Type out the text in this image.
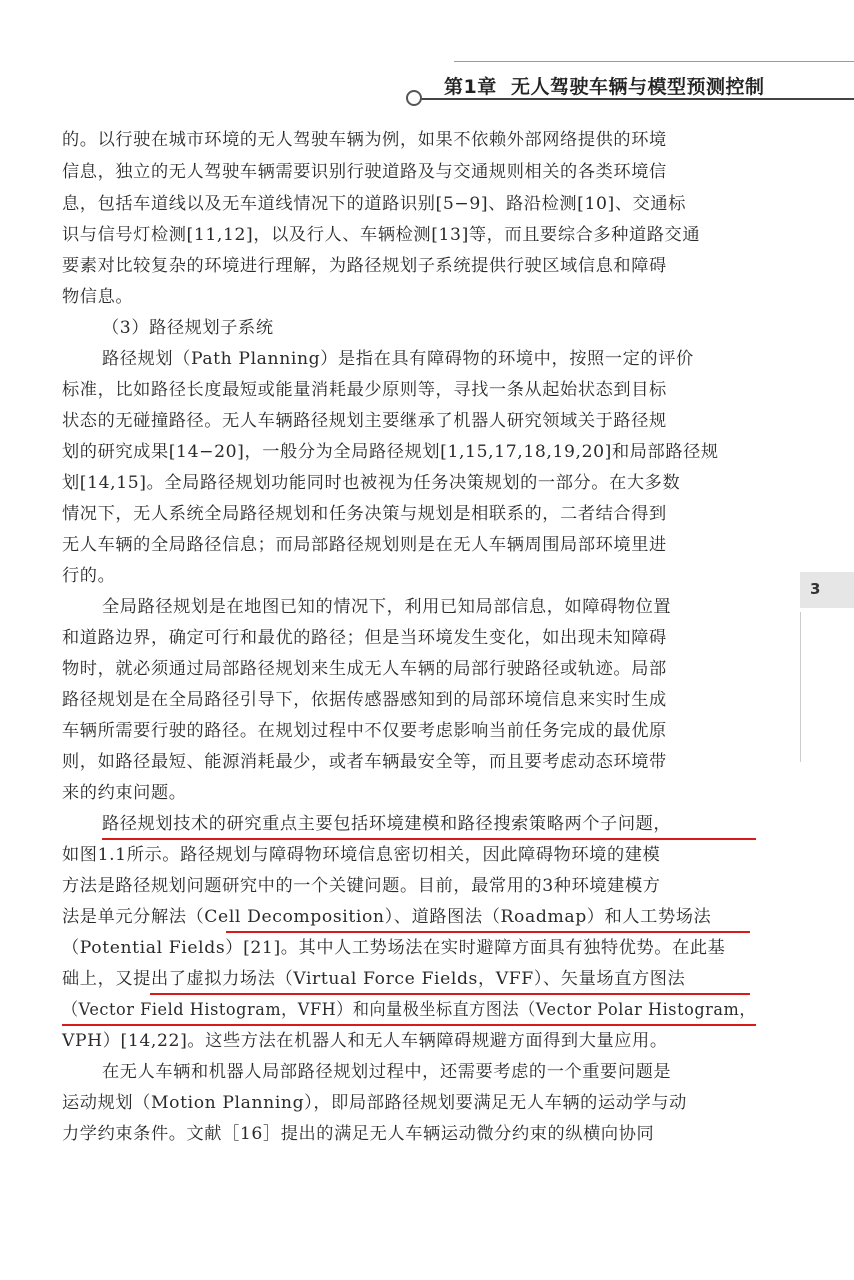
第1章 无人驾驶车辆与模型预测控制
3
的。以行驶在城市环境的无人驾驶车辆为例，如果不依赖外部网络提供的环境
信息，独立的无人驾驶车辆需要识别行驶道路及与交通规则相关的各类环境信
息，包括车道线以及无车道线情况下的道路识别[5−9]、路沿检测[10]、交通标
识与信号灯检测[11,12]，以及行人、车辆检测[13]等，而且要综合多种道路交通
要素对比较复杂的环境进行理解，为路径规划子系统提供行驶区域信息和障碍
物信息。
（3）路径规划子系统
路径规划（Path Planning）是指在具有障碍物的环境中，按照一定的评价
标准，比如路径长度最短或能量消耗最少原则等，寻找一条从起始状态到目标
状态的无碰撞路径。无人车辆路径规划主要继承了机器人研究领域关于路径规
划的研究成果[14−20]，一般分为全局路径规划[1,15,17,18,19,20]和局部路径规
划[14,15]。全局路径规划功能同时也被视为任务决策规划的一部分。在大多数
情况下，无人系统全局路径规划和任务决策与规划是相联系的，二者结合得到
无人车辆的全局路径信息；而局部路径规划则是在无人车辆周围局部环境里进
行的。
全局路径规划是在地图已知的情况下，利用已知局部信息，如障碍物位置
和道路边界，确定可行和最优的路径；但是当环境发生变化，如出现未知障碍
物时，就必须通过局部路径规划来生成无人车辆的局部行驶路径或轨迹。局部
路径规划是在全局路径引导下，依据传感器感知到的局部环境信息来实时生成
车辆所需要行驶的路径。在规划过程中不仅要考虑影响当前任务完成的最优原
则，如路径最短、能源消耗最少，或者车辆最安全等，而且要考虑动态环境带
来的约束问题。
路径规划技术的研究重点主要包括环境建模和路径搜索策略两个子问题，
如图1.1所示。路径规划与障碍物环境信息密切相关，因此障碍物环境的建模
方法是路径规划问题研究中的一个关键问题。目前，最常用的3种环境建模方
法是单元分解法（Cell Decomposition）、道路图法（Roadmap）和人工势场法
（Potential Fields）[21]。其中人工势场法在实时避障方面具有独特优势。在此基
础上，又提出了虚拟力场法（Virtual Force Fields，VFF）、矢量场直方图法
（Vector Field Histogram，VFH）和向量极坐标直方图法（Vector Polar Histogram，
VPH）[14,22]。这些方法在机器人和无人车辆障碍规避方面得到大量应用。
在无人车辆和机器人局部路径规划过程中，还需要考虑的一个重要问题是
运动规划（Motion Planning），即局部路径规划要满足无人车辆的运动学与动
力学约束条件。文献［16］提出的满足无人车辆运动微分约束的纵横向协同
